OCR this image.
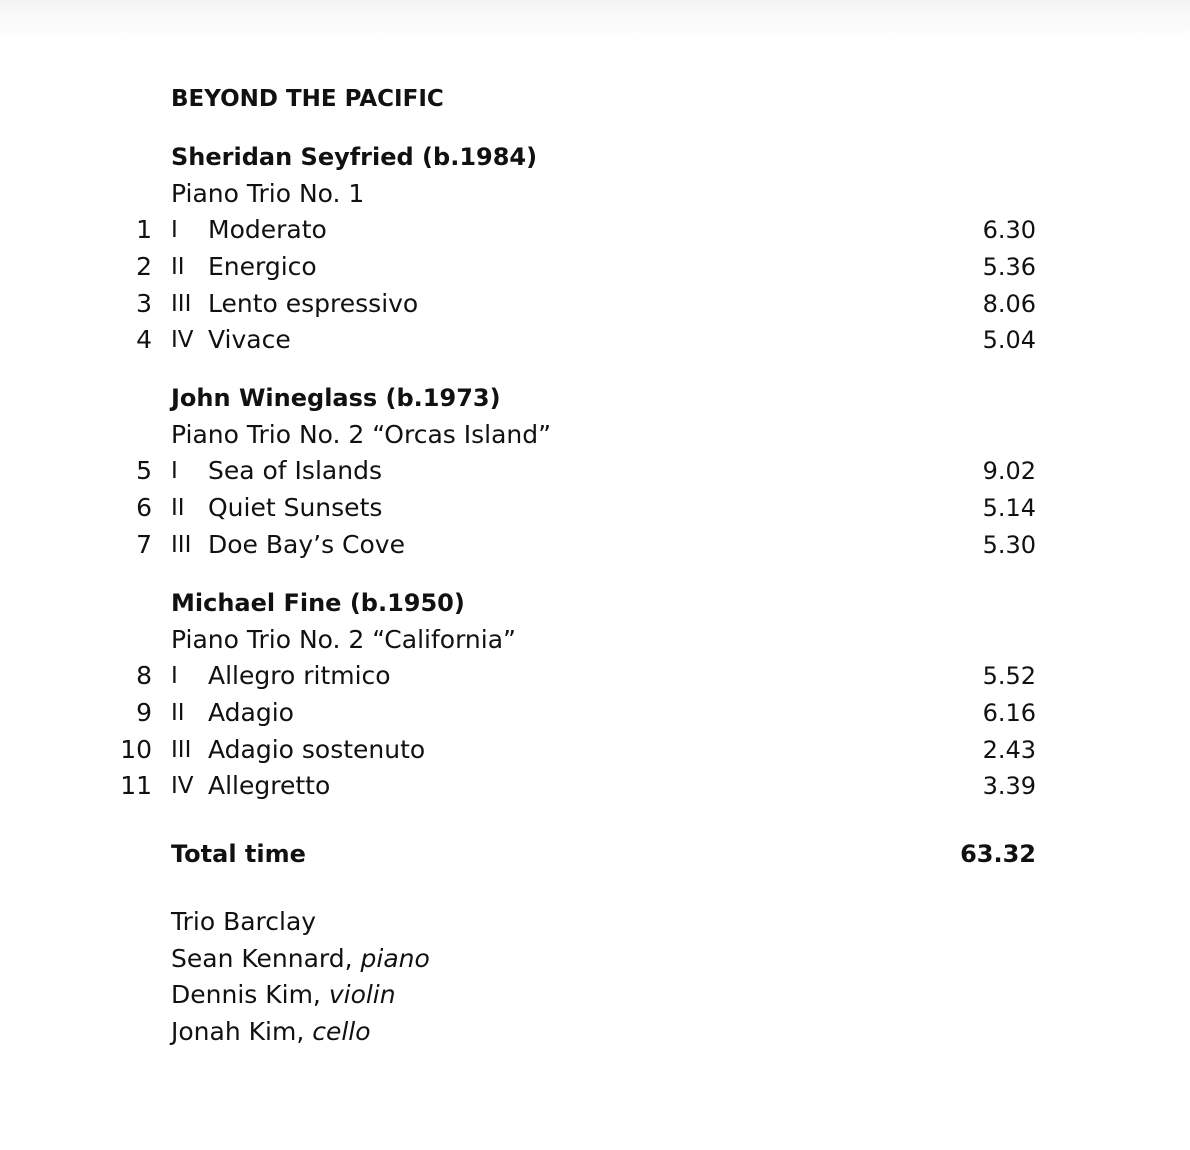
BEYOND THE PACIFIC
Sheridan Seyfried (b.1984)
Piano Trio No. 1
1 I Moderato	6.30
2 II Energico	5.36
3 III Lento espressivo	8.06
4 IV Vivace	5.04
John Wineglass (b.1973)
Piano Trio No. 2 “Orcas Island”
5 I Sea of Islands	9.02
6 II Quiet Sunsets	5.14
7 III Doe Bay’s Cove	5.30
Michael Fine (b.1950)
Piano Trio No. 2 “California”
8 I Allegro ritmico	5.52
9 II Adagio	6.16
10 III Adagio sostenuto	2.43
11 IV Allegretto	3.39
Total time	63.32
Trio Barclay
Sean Kennard, piano
Dennis Kim, violin
Jonah Kim, cello
